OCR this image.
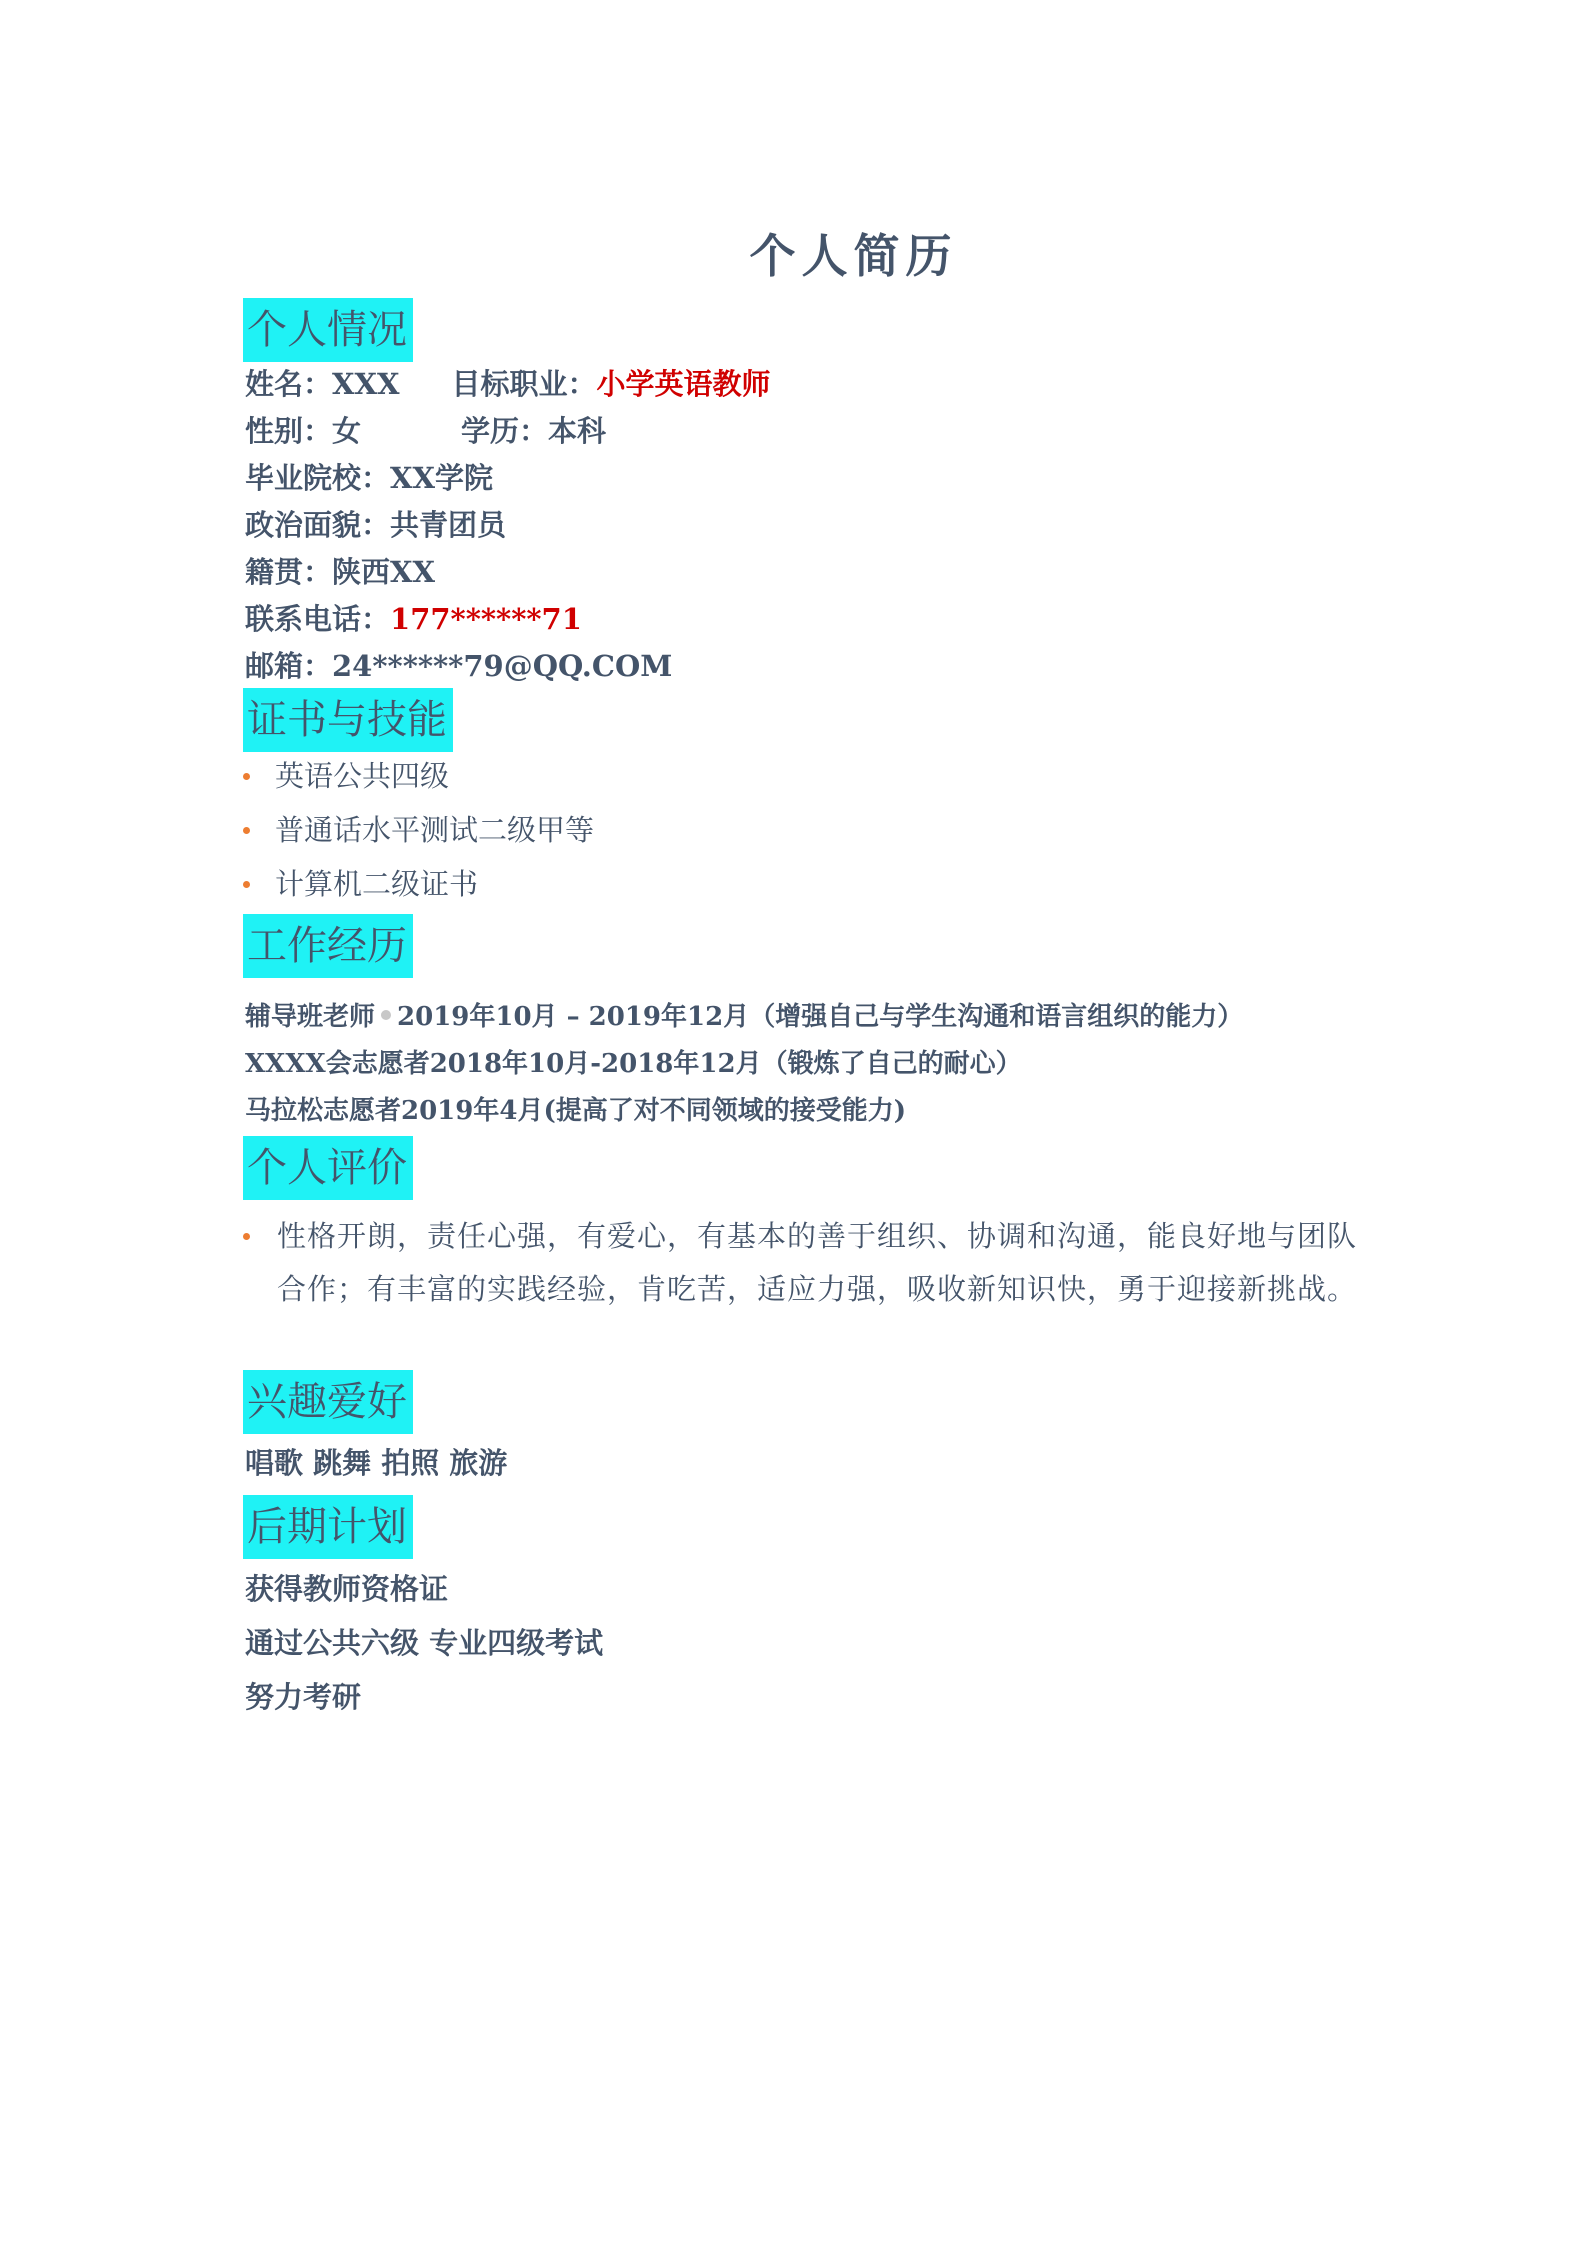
个人简历
个人情况
姓名：XXX 目标职业：小学英语教师
性别：女	学历：本科
毕业院校：XX学院
政治面貌：共青团员
籍贯：陕西XX
联系电话：177******71
邮箱：24******79@QQ.COM
证书与技能
英语公共四级
普通话水平测试二级甲等
计算机二级证书
工作经历
辅导班老师 2019年10月 – 2019年12月（增强自己与学生沟通和语言组织的能力）
XXXX会志愿者2018年10月-2018年12月（锻炼了自己的耐心）
马拉松志愿者2019年4月(提高了对不同领域的接受能力)
个人评价
性格开朗，责任心强，有爱心，有基本的善于组织、协调和沟通，能良好地与团队合作；有丰富的实践经验，肯吃苦，适应力强，吸收新知识快，勇于迎接新挑战。
兴趣爱好
唱歌 跳舞 拍照 旅游
后期计划
获得教师资格证
通过公共六级 专业四级考试
努力考研
